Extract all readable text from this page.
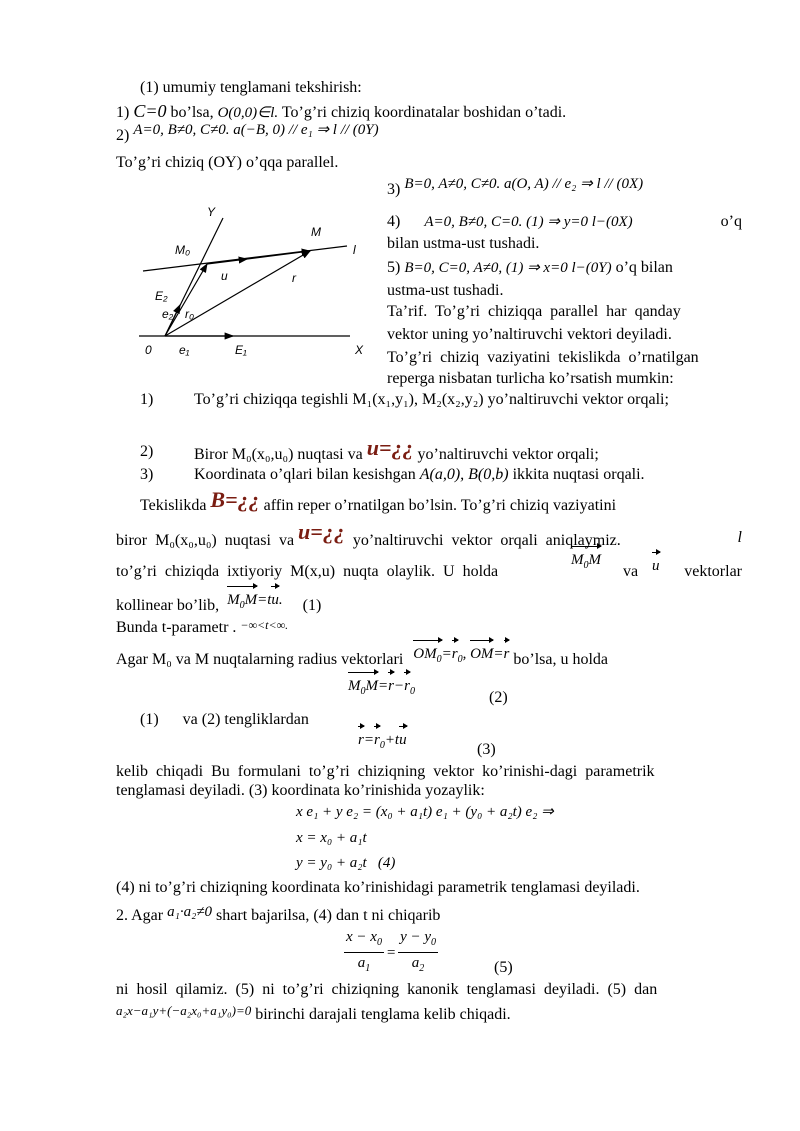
(1) umumiy tenglamani tekshirish:
1) C=0 bo’lsa, O(0,0)∈l. To’g’ri chiziq koordinatalar boshidan o’tadi.
2) A=0, B≠0, C≠0. a(−B, 0) // e₁ ⇒ l // (0Y)
To’g’ri chiziq (OY) o’qqa parallel.
Y
M₀
M
l
u	r
E₂
e₂ r₀
0 e₁	E₁	X
3) B=0, A≠0, C≠0. a(O, A) // e₂ ⇒ l // (0X)
4) A=0, B≠0, C=0. (1) ⇒ y=0 l−(0X)	o’q
bilan ustma-ust tushadi.
5) B=0, C=0, A≠0, (1) ⇒ x=0 l−(0Y) o’q bilan
ustma-ust tushadi.
Ta’rif.  To’g’ri  chiziqqa  parallel  har  qanday
vektor uning yo’naltiruvchi vektori deyiladi.
To’g’ri  chiziq  vaziyatini  tekislikda  o’rnatilgan
reperga nisbatan turlicha ko’rsatish mumkin:
1)	To’g’ri chiziqqa tegishli M₁(x₁,y₁), M₂(x₂,y₂) yo’naltiruvchi vektor orqali;
2)	Biror M₀(x₀,u₀) nuqtasi va u=¿¿ yo’naltiruvchi vektor orqali;
3)	Koordinata o’qlari bilan kesishgan A(a,0), B(0,b) ikkita nuqtasi orqali.
Tekislikda B=¿¿ affin reper o’rnatilgan bo’lsin. To’g’ri chiziq vaziyatini
biror  M₀(x₀,u₀)  nuqtasi  va u=¿¿  yo’naltiruvchi  vektor  orqali  aniqlaymiz.	l
to’g’ri  chiziqda  ixtiyoriy  M(x,u)  nuqta  olaylik.  U  holda
$M_0M$
va u vektorlar
kollinear bo’lib, $M_0M=tu$. (1)
Bunda t-parametr . −∞<t<∞.
Agar M₀ va M nuqtalarning radius vektorlari $OM_0=r_0$, OM=r bo’lsa, u holda
$M_0M=r-r_0$	(2)
(1)      va (2) tengliklardan
$r=r_0+tu$
(3)
kelib  chiqadi  Bu  formulani  to’g’ri  chiziqning  vektor  ko’rinishi-dagi  parametrik
tenglamasi deyiladi. (3) koordinata ko’rinishida yozaylik:
x e₁ + y e₂ = (x₀ + a₁t) e₁ + (y₀ + a₂t) e₂ ⇒
x = x₀ + a₁t
y = y₀ + a₂t   (4)
(4) ni to’g’ri chiziqning koordinata ko’rinishidagi parametrik tenglamasi deyiladi.
2. Agar a₁·a₂≠0 shart bajarilsa, (4) dan t ni chiqarib
$\frac{x - x_0}{a_1} = \frac{y - y_0}{a_2}$	(5)
ni  hosil  qilamiz.  (5)  ni  to’g’ri  chiziqning  kanonik  tenglamasi  deyiladi.  (5)  dan
$^{a_2x-a_1y+(-a_2x_0+a_1y_0)=0}$ birinchi darajali tenglama kelib chiqadi.
